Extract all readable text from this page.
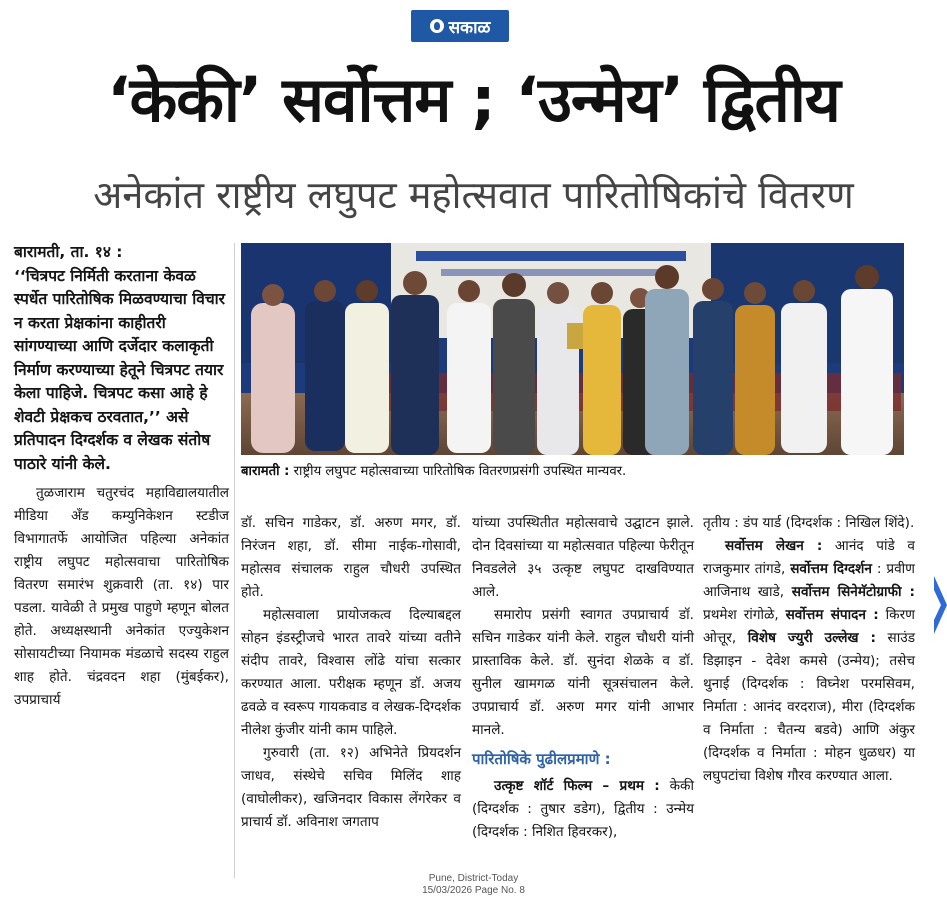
सकाळ
‘केकी’ सर्वोत्तम ; ‘उन्मेय’ द्वितीय
अनेकांत राष्ट्रीय लघुपट महोत्सवात पारितोषिकांचे वितरण

बारामती, ता. १४ :

‘‘चित्रपट निर्मिती करताना केवळ स्पर्धेत पारितोषिक मिळवण्याचा विचार न करता प्रेक्षकांना काहीतरी सांगण्याच्या आणि दर्जेदार कलाकृती निर्माण करण्याच्या हेतूने चित्रपट तयार केला पाहिजे. चित्रपट कसा आहे हे शेवटी प्रेक्षकच ठरवतात,’’ असे प्रतिपादन दिग्दर्शक व लेखक संतोष पाठारे यांनी केले.

तुळजाराम चतुरचंद महाविद्यालयातील मीडिया अँड कम्युनिकेशन स्टडीज विभागातर्फे आयोजित पहिल्या अनेकांत राष्ट्रीय लघुपट महोत्सवाचा पारितोषिक वितरण समारंभ शुक्रवारी (ता. १४) पार पडला. यावेळी ते प्रमुख पाहुणे म्हणून बोलत होते. अध्यक्षस्थानी अनेकांत एज्युकेशन सोसायटीच्या नियामक मंडळाचे सदस्य राहुल शाह होते. चंद्रवदन शहा (मुंबईकर), उपप्राचार्य

बारामती : राष्ट्रीय लघुपट महोत्सवाच्या पारितोषिक वितरणप्रसंगी उपस्थित मान्यवर.

डॉ. सचिन गाडेकर, डॉ. अरुण मगर, डॉ. निरंजन शहा, डॉ. सीमा नाईक-गोसावी, महोत्सव संचालक राहुल चौधरी उपस्थित होते.

महोत्सवाला प्रायोजकत्व दिल्याबद्दल सोहन इंडस्ट्रीजचे भारत तावरे यांच्या वतीने संदीप तावरे, विश्वास लोंढे यांचा सत्कार करण्यात आला. परीक्षक म्हणून डॉ. अजय ढवळे व स्वरूप गायकवाड व लेखक-दिग्दर्शक नीलेश कुंजीर यांनी काम पाहिले.

गुरुवारी (ता. १२) अभिनेते प्रियदर्शन जाधव, संस्थेचे सचिव मिलिंद शाह (वाघोलीकर), खजिनदार विकास लेंगरेकर व प्राचार्य डॉ. अविनाश जगताप

यांच्या उपस्थितीत महोत्सवाचे उद्घाटन झाले. दोन दिवसांच्या या महोत्सवात पहिल्या फेरीतून निवडलेले ३५ उत्कृष्ट लघुपट दाखविण्यात आले.

समारोप प्रसंगी स्वागत उपप्राचार्य डॉ. सचिन गाडेकर यांनी केले. राहुल चौधरी यांनी प्रास्ताविक केले. डॉ. सुनंदा शेळके व डॉ. सुनील खामगळ यांनी सूत्रसंचालन केले. उपप्राचार्य डॉ. अरुण मगर यांनी आभार मानले.

पारितोषिके पुढीलप्रमाणे :

उत्कृष्ट शॉर्ट फिल्म – प्रथम : केकी (दिग्दर्शक : तुषार डडेग), द्वितीय : उन्मेय (दिग्दर्शक : निशित हिवरकर),

तृतीय : डंप यार्ड (दिग्दर्शक : निखिल शिंदे).

सर्वोत्तम लेखन : आनंद पांडे व राजकुमार तांगडे, सर्वोत्तम दिग्दर्शन : प्रवीण आजिनाथ खाडे, सर्वोत्तम सिनेमॅटोग्राफी : प्रथमेश रांगोळे, सर्वोत्तम संपादन : किरण ओत्तूर, विशेष ज्युरी उल्लेख : साउंड डिझाइन - देवेश कमसे (उन्मेय); तसेच थुनाई (दिग्दर्शक : विघ्नेश परमसिवम, निर्माता : आनंद वरदराज), मीरा (दिग्दर्शक व निर्माता : चैतन्य बडवे) आणि अंकुर (दिग्दर्शक व निर्माता : मोहन धुळधर) या लघुपटांचा विशेष गौरव करण्यात आला.

Pune, District-Today
15/03/2026 Page No. 8
